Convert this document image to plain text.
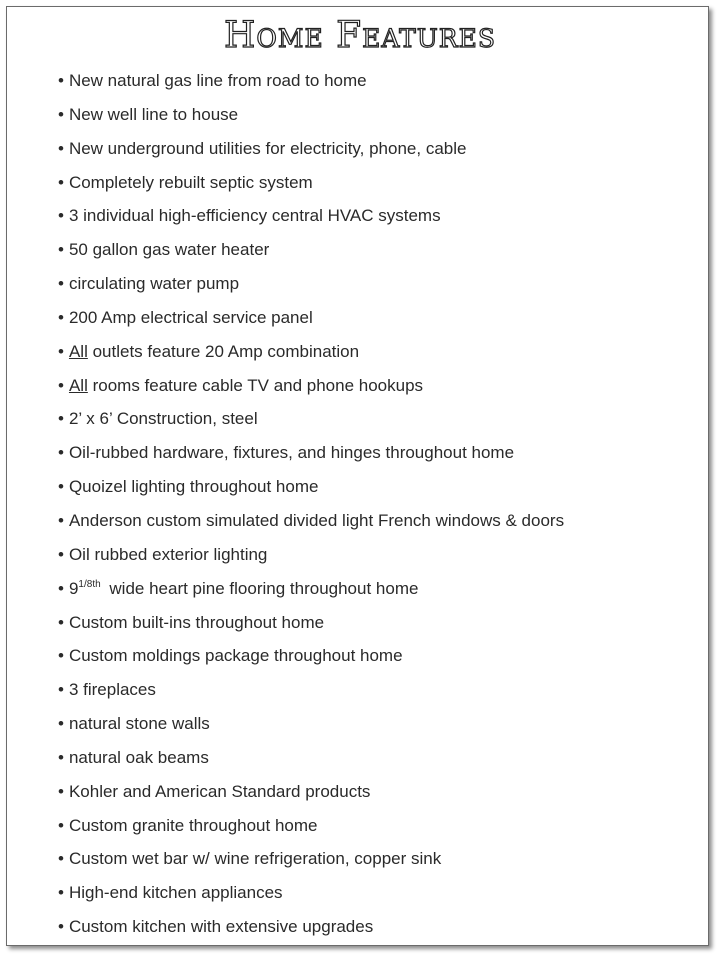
Home Features
• New natural gas line from road to home
• New well line to house
• New underground utilities for electricity, phone, cable
• Completely rebuilt septic system
• 3 individual high-efficiency central HVAC systems
• 50 gallon gas water heater
• circulating water pump
• 200 Amp electrical service panel
• All outlets feature 20 Amp combination
• All rooms feature cable TV and phone hookups
• 2’ x 6’ Construction, steel
• Oil-rubbed hardware, fixtures, and hinges throughout home
• Quoizel lighting throughout home
• Anderson custom simulated divided light French windows & doors
• Oil rubbed exterior lighting
• $9^{1/8th}$ wide heart pine flooring throughout home
• Custom built-ins throughout home
• Custom moldings package throughout home
• 3 fireplaces
• natural stone walls
• natural oak beams
• Kohler and American Standard products
• Custom granite throughout home
• Custom wet bar w/ wine refrigeration, copper sink
• High-end kitchen appliances
• Custom kitchen with extensive upgrades
